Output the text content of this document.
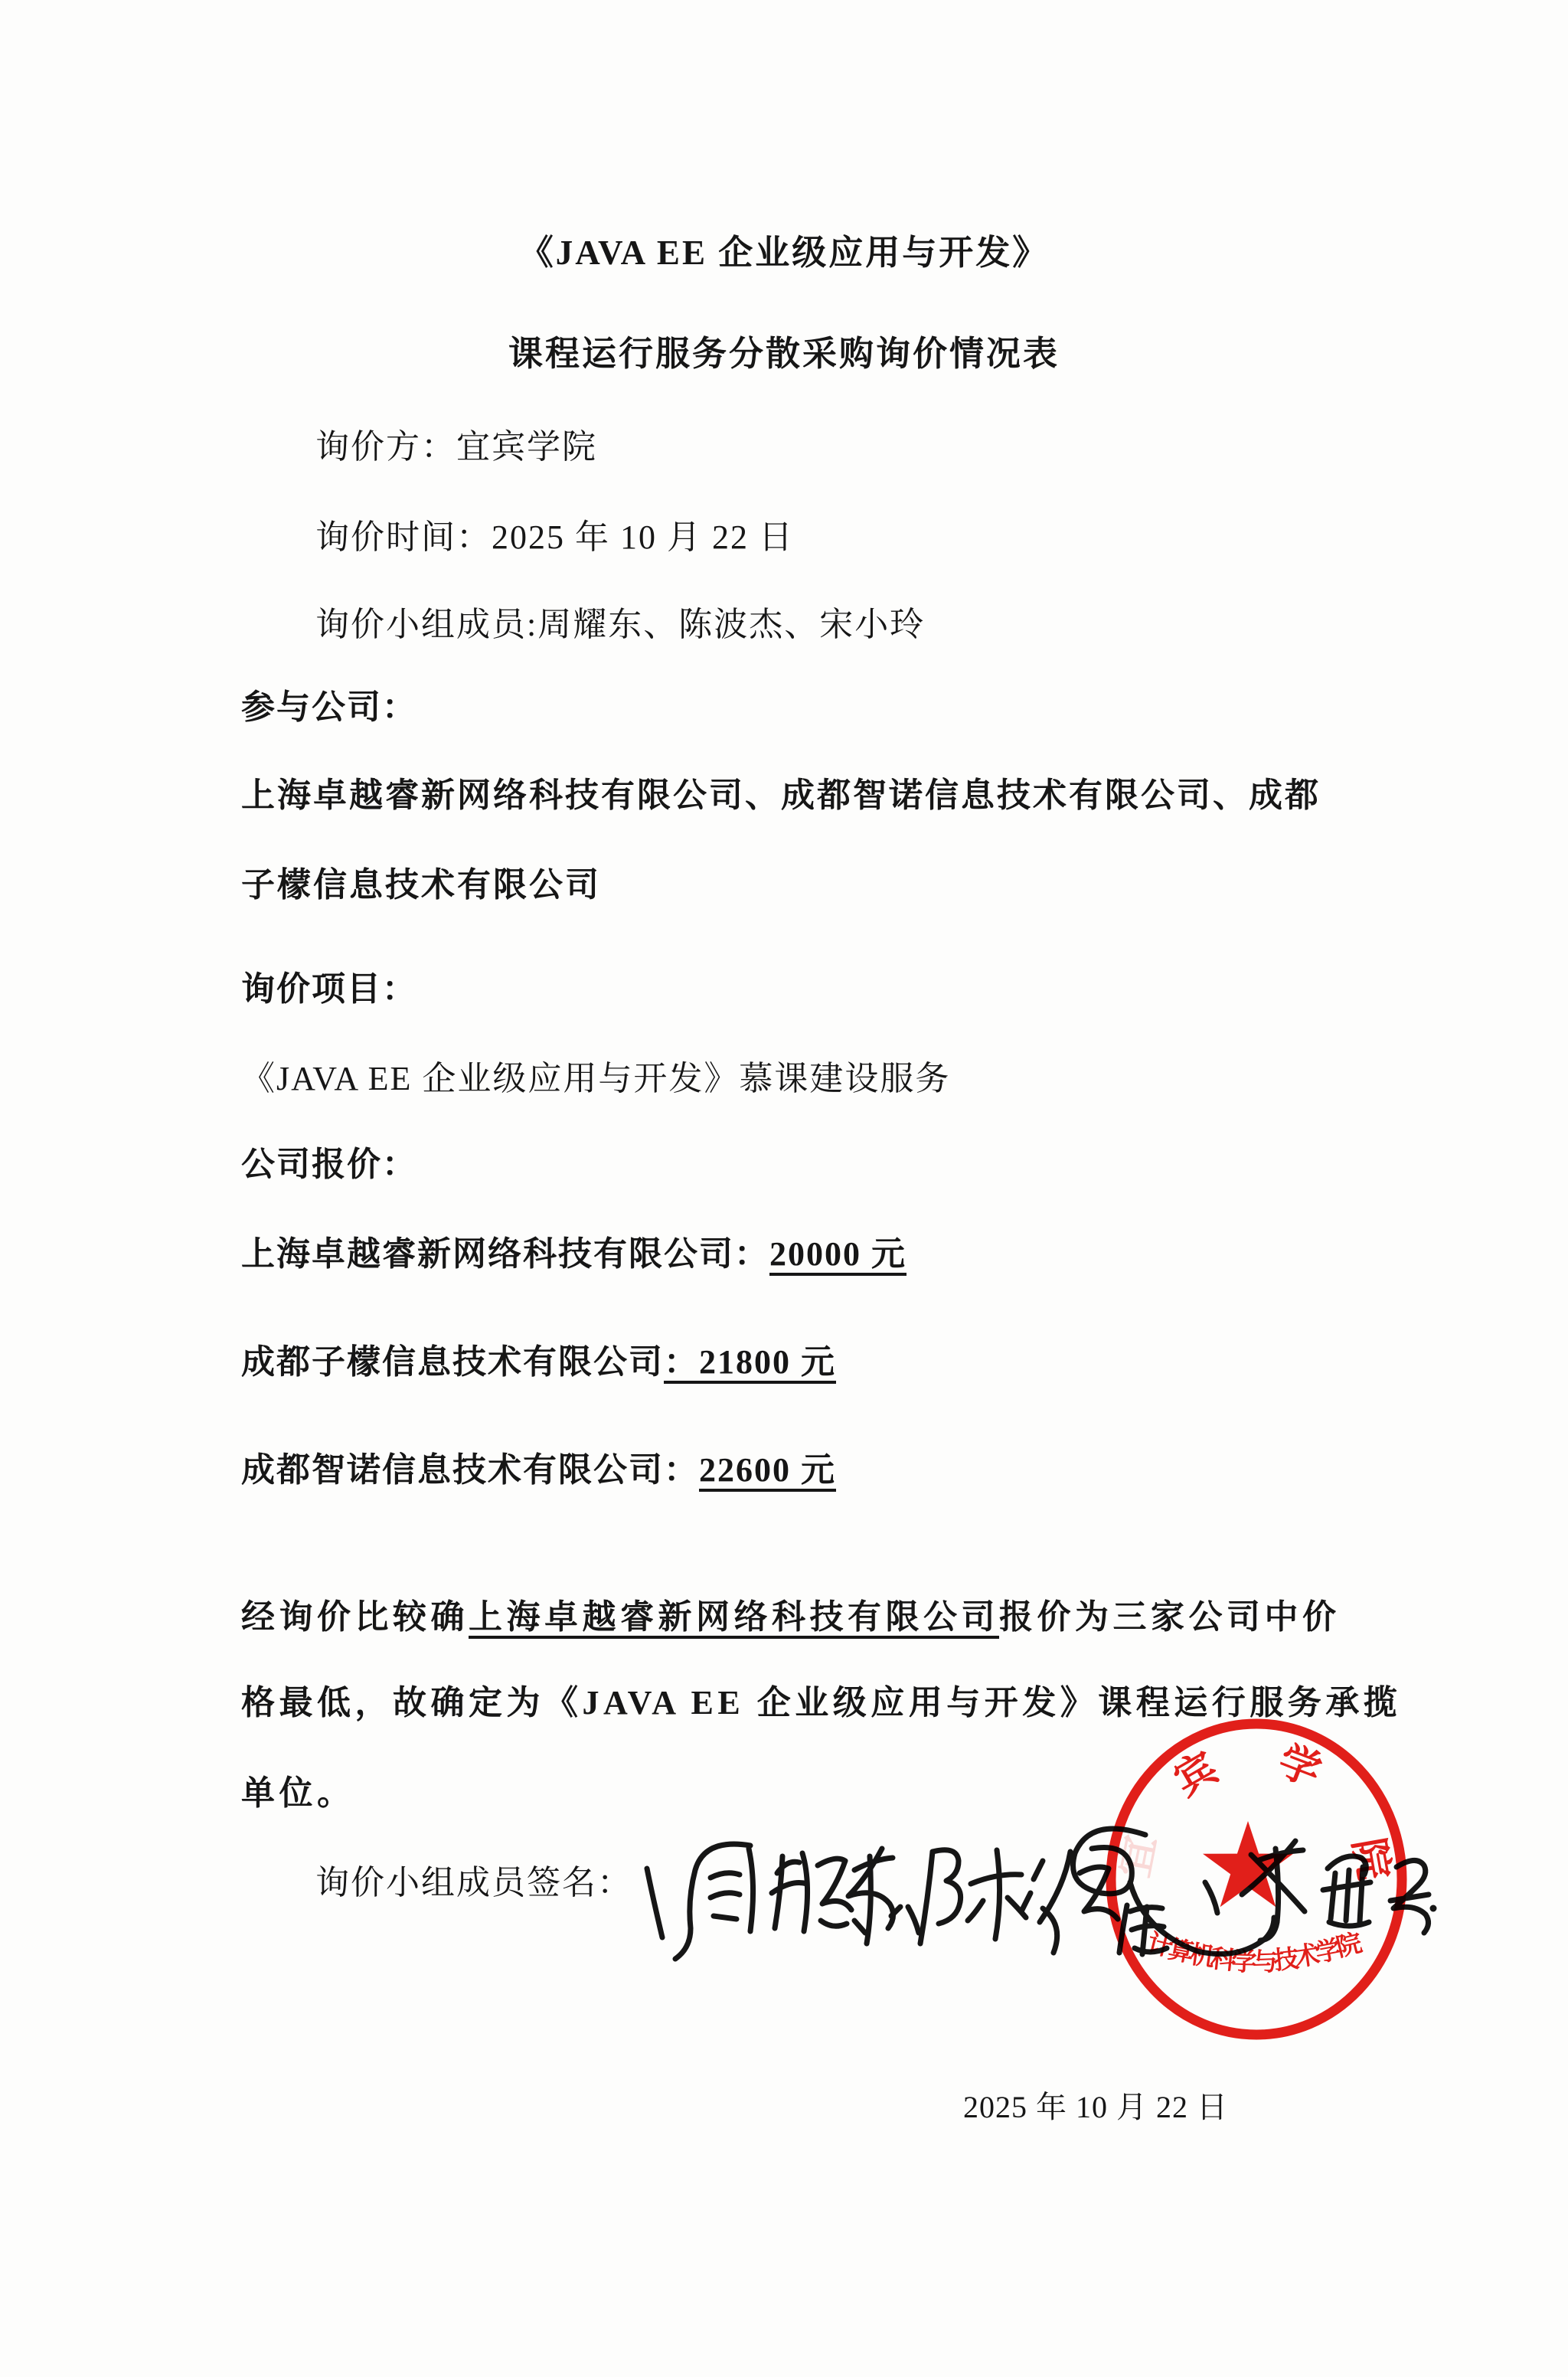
《JAVA EE 企业级应用与开发》
课程运行服务分散采购询价情况表
询价方：宜宾学院
询价时间：2025 年 10 月 22 日
询价小组成员:周耀东、陈波杰、宋小玲
参与公司：
上海卓越睿新网络科技有限公司、成都智诺信息技术有限公司、成都
子檬信息技术有限公司
询价项目：
《JAVA EE 企业级应用与开发》慕课建设服务
公司报价：
上海卓越睿新网络科技有限公司：20000 元
成都子檬信息技术有限公司：21800 元
成都智诺信息技术有限公司：22600 元
经询价比较确上海卓越睿新网络科技有限公司报价为三家公司中价
格最低，故确定为《JAVA EE 企业级应用与开发》课程运行服务承揽
单位。
询价小组成员签名：
宜
宾 学
院
计
算
机
科
学
与
技
术
学
院
2025 年 10 月 22 日
